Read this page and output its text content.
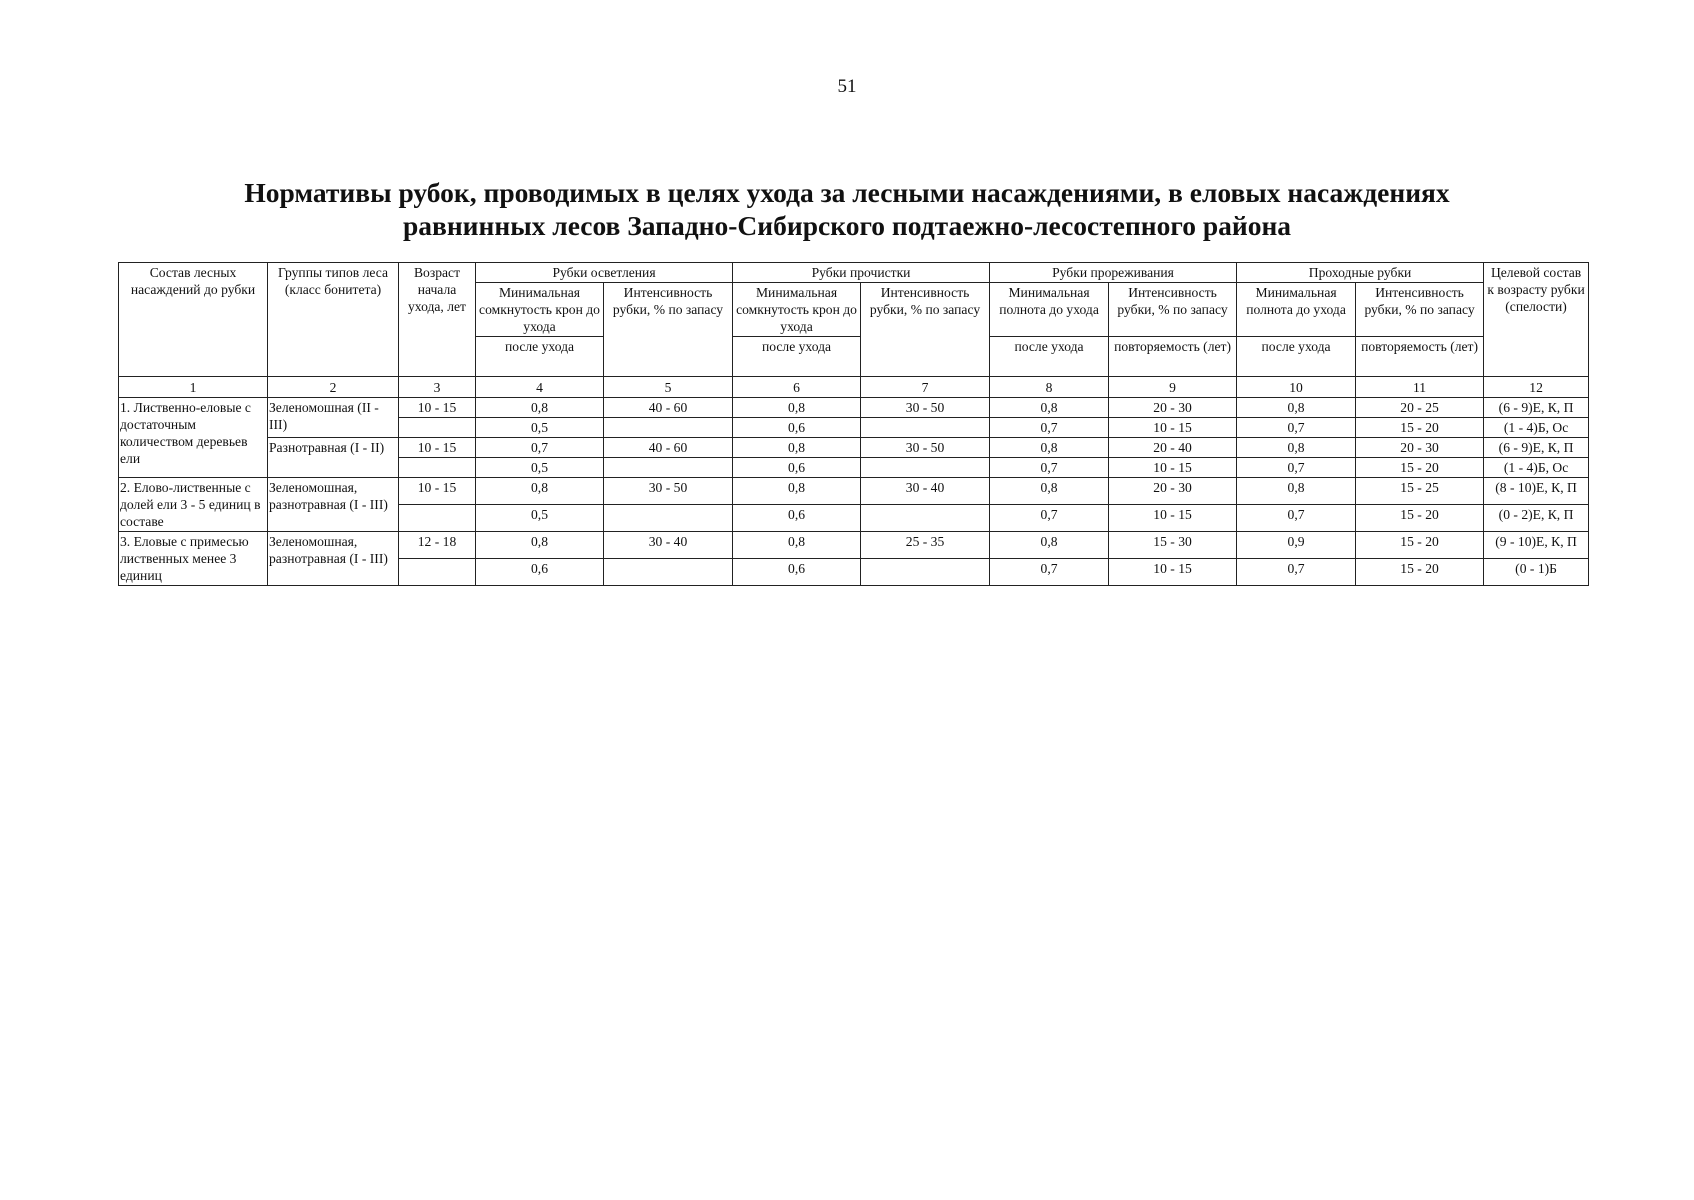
51
Нормативы рубок, проводимых в целях ухода за лесными насаждениями, в еловых насаждениях
равнинных лесов Западно-Сибирского подтаежно-лесостепного района
Состав лесных насаждений до рубки	Группы типов леса (класс бонитета)	Возраст начала ухода, лет	Рубки осветления		Рубки прочистки		Рубки прореживания		Проходные рубки		Целевой состав к возрасту рубки (спелости)
			Минимальная сомкнутость крон до ухода	Интенсивность рубки, % по запасу	Минимальная сомкнутость крон до ухода	Интенсивность рубки, % по запасу	Минимальная полнота до ухода	Интенсивность рубки, % по запасу	Минимальная полнота до ухода	Интенсивность рубки, % по запасу	
			после ухода		после ухода		после ухода	повторяемость (лет)	после ухода	повторяемость (лет)	
1	2	3	4	5	6	7	8	9	10	11	12
1. Лиственно-еловые с достаточным количеством деревьев ели	Зеленомошная (II - III)	10 - 15	0,8	40 - 60	0,8	30 - 50	0,8	20 - 30	0,8	20 - 25	(6 - 9)Е, К, П
			0,5		0,6		0,7	10 - 15	0,7	15 - 20	(1 - 4)Б, Ос
	Разнотравная (I - II)	10 - 15	0,7	40 - 60	0,8	30 - 50	0,8	20 - 40	0,8	20 - 30	(6 - 9)Е, К, П
			0,5		0,6		0,7	10 - 15	0,7	15 - 20	(1 - 4)Б, Ос
2. Елово-лиственные с долей ели 3 - 5 единиц в составе	Зеленомошная, разнотравная (I - III)	10 - 15	0,8	30 - 50	0,8	30 - 40	0,8	20 - 30	0,8	15 - 25	(8 - 10)Е, К, П
			0,5		0,6		0,7	10 - 15	0,7	15 - 20	(0 - 2)Е, К, П
3. Еловые с примесью лиственных менее 3 единиц	Зеленомошная, разнотравная (I - III)	12 - 18	0,8	30 - 40	0,8	25 - 35	0,8	15 - 30	0,9	15 - 20	(9 - 10)Е, К, П
			0,6		0,6		0,7	10 - 15	0,7	15 - 20	(0 - 1)Б
